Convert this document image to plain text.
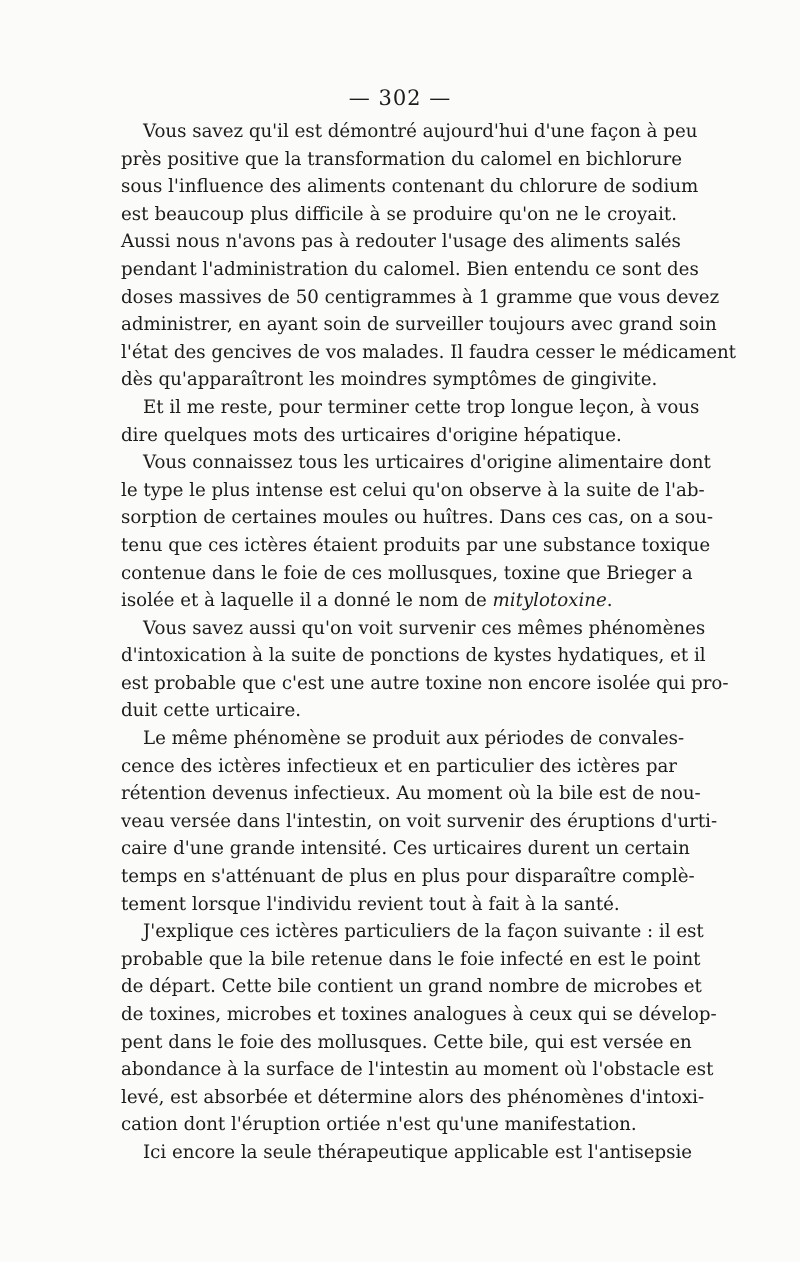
— 302 —
Vous savez qu'il est démontré aujourd'hui d'une façon à peu
près positive que la transformation du calomel en bichlorure
sous l'influence des aliments contenant du chlorure de sodium
est beaucoup plus difficile à se produire qu'on ne le croyait.
Aussi nous n'avons pas à redouter l'usage des aliments salés
pendant l'administration du calomel. Bien entendu ce sont des
doses massives de 50 centigrammes à 1 gramme que vous devez
administrer, en ayant soin de surveiller toujours avec grand soin
l'état des gencives de vos malades. Il faudra cesser le médicament
dès qu'apparaîtront les moindres symptômes de gingivite.
Et il me reste, pour terminer cette trop longue leçon, à vous
dire quelques mots des urticaires d'origine hépatique.
Vous connaissez tous les urticaires d'origine alimentaire dont
le type le plus intense est celui qu'on observe à la suite de l'ab-
sorption de certaines moules ou huîtres. Dans ces cas, on a sou-
tenu que ces ictères étaient produits par une substance toxique
contenue dans le foie de ces mollusques, toxine que Brieger a
isolée et à laquelle il a donné le nom de mitylotoxine.
Vous savez aussi qu'on voit survenir ces mêmes phénomènes
d'intoxication à la suite de ponctions de kystes hydatiques, et il
est probable que c'est une autre toxine non encore isolée qui pro-
duit cette urticaire.
Le même phénomène se produit aux périodes de convales-
cence des ictères infectieux et en particulier des ictères par
rétention devenus infectieux. Au moment où la bile est de nou-
veau versée dans l'intestin, on voit survenir des éruptions d'urti-
caire d'une grande intensité. Ces urticaires durent un certain
temps en s'atténuant de plus en plus pour disparaître complè-
tement lorsque l'individu revient tout à fait à la santé.
J'explique ces ictères particuliers de la façon suivante : il est
probable que la bile retenue dans le foie infecté en est le point
de départ. Cette bile contient un grand nombre de microbes et
de toxines, microbes et toxines analogues à ceux qui se dévelop-
pent dans le foie des mollusques. Cette bile, qui est versée en
abondance à la surface de l'intestin au moment où l'obstacle est
levé, est absorbée et détermine alors des phénomènes d'intoxi-
cation dont l'éruption ortiée n'est qu'une manifestation.
Ici encore la seule thérapeutique applicable est l'antisepsie
